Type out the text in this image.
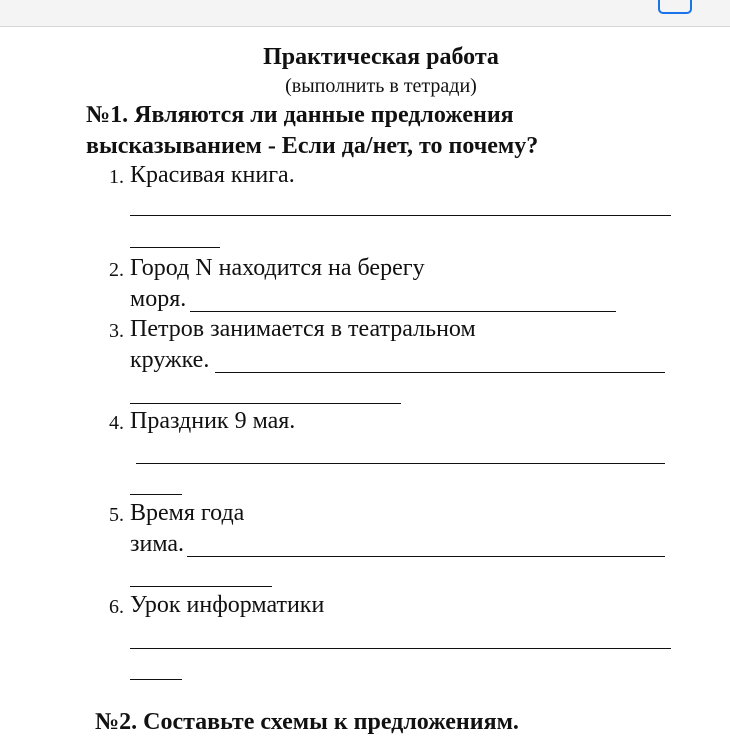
Практическая работа
(выполнить в тетради)
№1. Являются ли данные предложения высказыванием - Если да/нет, то почему?
1. Красивая книга.
2. Город N находится на берегу
моря.
3. Петров занимается в театральном
кружке.
4. Праздник 9 мая.
5. Время года
зима.
6. Урок информатики
№2. Составьте схемы к предложениям.
